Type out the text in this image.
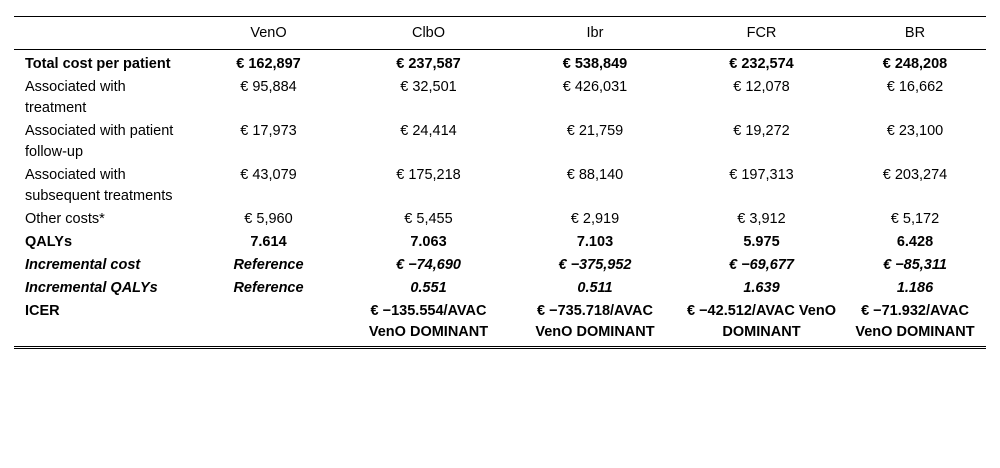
	VenO	ClbO	Ibr	FCR	BR
Total cost per patient	€ 162,897	€ 237,587	€ 538,849	€ 232,574	€ 248,208
Associated with treatment	€ 95,884	€ 32,501	€ 426,031	€ 12,078	€ 16,662
Associated with patient follow-up	€ 17,973	€ 24,414	€ 21,759	€ 19,272	€ 23,100
Associated with subsequent treatments	€ 43,079	€ 175,218	€ 88,140	€ 197,313	€ 203,274
Other costs*	€ 5,960	€ 5,455	€ 2,919	€ 3,912	€ 5,172
QALYs	7.614	7.063	7.103	5.975	6.428
Incremental cost	Reference	€ −74,690	€ −375,952	€ −69,677	€ −85,311
Incremental QALYs	Reference	0.551	0.511	1.639	1.186
ICER		€ −135.554/AVAC VenO DOMINANT	€ −735.718/AVAC VenO DOMINANT	€ −42.512/AVAC VenO DOMINANT	€ −71.932/AVAC VenO DOMINANT
